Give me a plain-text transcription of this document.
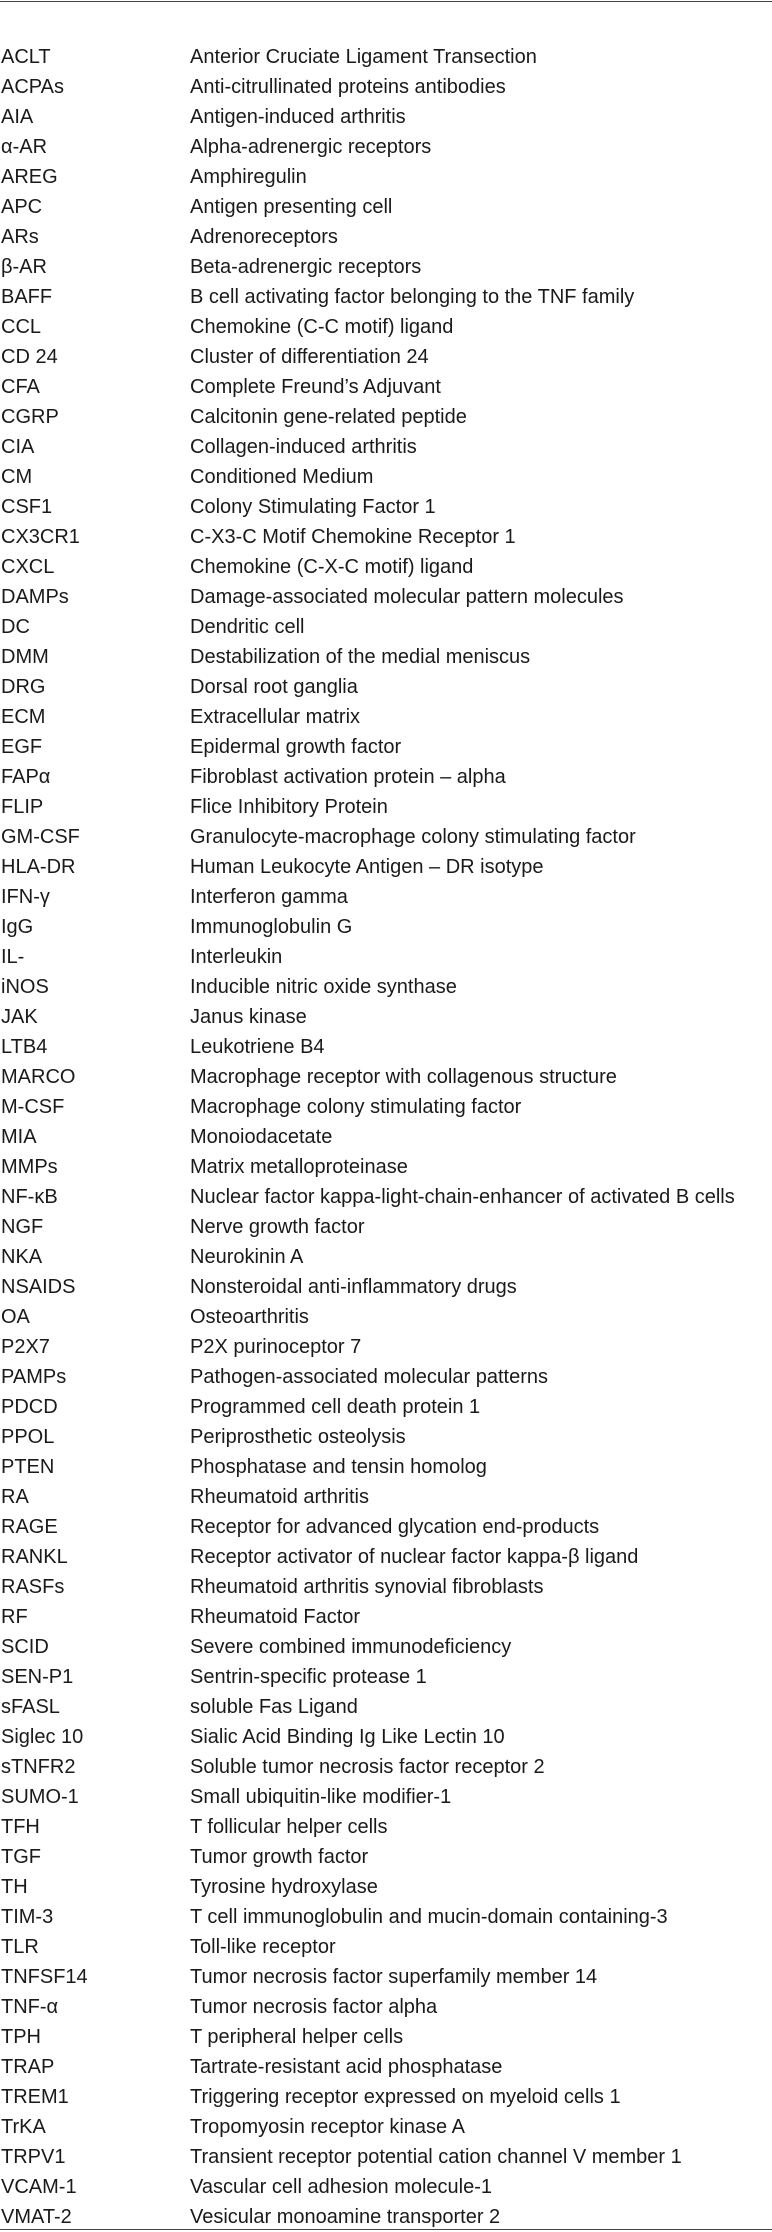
ACLT	Anterior Cruciate Ligament Transection
ACPAs	Anti-citrullinated proteins antibodies
AIA	Antigen-induced arthritis
α-AR	Alpha-adrenergic receptors
AREG	Amphiregulin
APC	Antigen presenting cell
ARs	Adrenoreceptors
β-AR	Beta-adrenergic receptors
BAFF	B cell activating factor belonging to the TNF family
CCL	Chemokine (C-C motif) ligand
CD 24	Cluster of differentiation 24
CFA	Complete Freund’s Adjuvant
CGRP	Calcitonin gene-related peptide
CIA	Collagen-induced arthritis
CM	Conditioned Medium
CSF1	Colony Stimulating Factor 1
CX3CR1	C-X3-C Motif Chemokine Receptor 1
CXCL	Chemokine (C-X-C motif) ligand
DAMPs	Damage-associated molecular pattern molecules
DC	Dendritic cell
DMM	Destabilization of the medial meniscus
DRG	Dorsal root ganglia
ECM	Extracellular matrix
EGF	Epidermal growth factor
FAPα	Fibroblast activation protein – alpha
FLIP	Flice Inhibitory Protein
GM-CSF	Granulocyte-macrophage colony stimulating factor
HLA-DR	Human Leukocyte Antigen – DR isotype
IFN-γ	Interferon gamma
IgG	Immunoglobulin G
IL-	Interleukin
iNOS	Inducible nitric oxide synthase
JAK	Janus kinase
LTB4	Leukotriene B4
MARCO	Macrophage receptor with collagenous structure
M-CSF	Macrophage colony stimulating factor
MIA	Monoiodacetate
MMPs	Matrix metalloproteinase
NF-κB	Nuclear factor kappa-light-chain-enhancer of activated B cells
NGF	Nerve growth factor
NKA	Neurokinin A
NSAIDS	Nonsteroidal anti-inflammatory drugs
OA	Osteoarthritis
P2X7	P2X purinoceptor 7
PAMPs	Pathogen-associated molecular patterns
PDCD	Programmed cell death protein 1
PPOL	Periprosthetic osteolysis
PTEN	Phosphatase and tensin homolog
RA	Rheumatoid arthritis
RAGE	Receptor for advanced glycation end-products
RANKL	Receptor activator of nuclear factor kappa-β ligand
RASFs	Rheumatoid arthritis synovial fibroblasts
RF	Rheumatoid Factor
SCID	Severe combined immunodeficiency
SEN-P1	Sentrin-specific protease 1
sFASL	soluble Fas Ligand
Siglec 10	Sialic Acid Binding Ig Like Lectin 10
sTNFR2	Soluble tumor necrosis factor receptor 2
SUMO-1	Small ubiquitin-like modifier-1
TFH	T follicular helper cells
TGF	Tumor growth factor
TH	Tyrosine hydroxylase
TIM-3	T cell immunoglobulin and mucin-domain containing-3
TLR	Toll-like receptor
TNFSF14	Tumor necrosis factor superfamily member 14
TNF-α	Tumor necrosis factor alpha
TPH	T peripheral helper cells
TRAP	Tartrate-resistant acid phosphatase
TREM1	Triggering receptor expressed on myeloid cells 1
TrKA	Tropomyosin receptor kinase A
TRPV1	Transient receptor potential cation channel V member 1
VCAM-1	Vascular cell adhesion molecule-1
VMAT-2	Vesicular monoamine transporter 2
